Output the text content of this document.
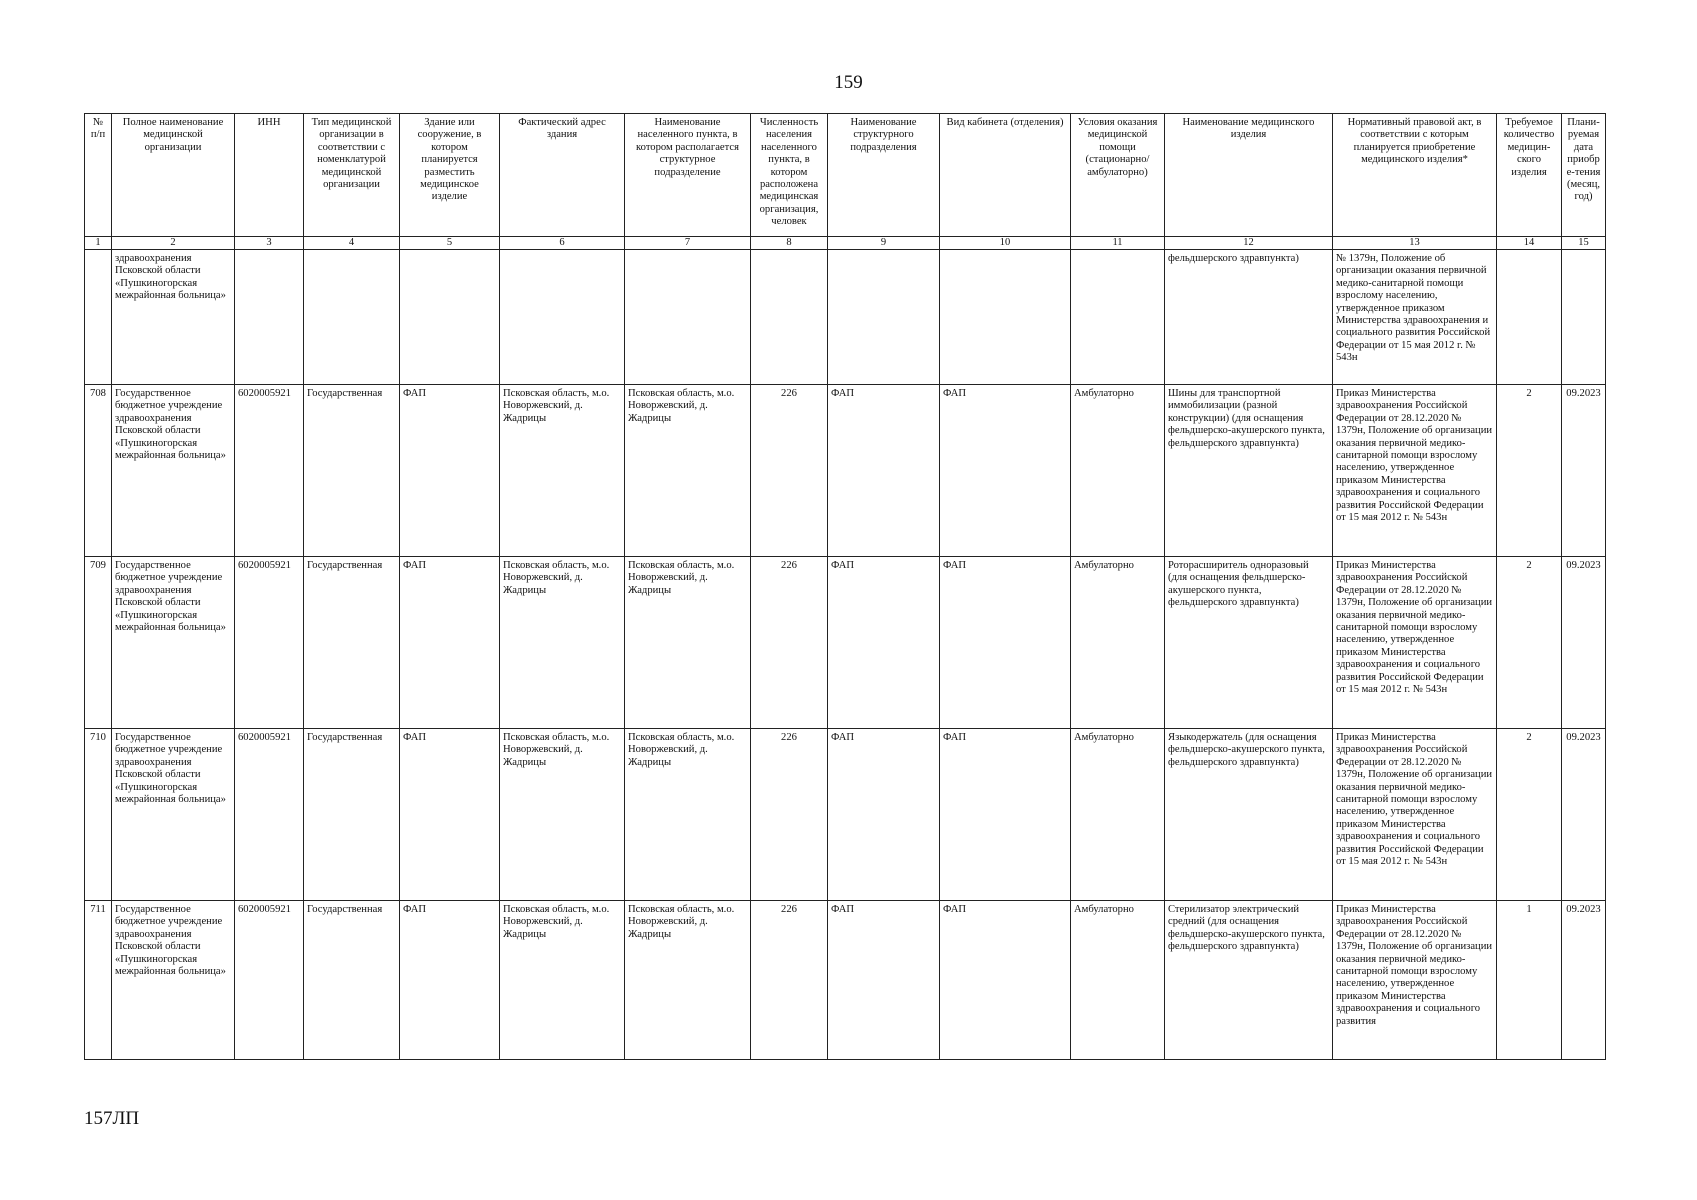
159
№ п/п	Полное наименование медицинской организации	ИНН	Тип медицинской организации в соответствии с номенклатурой медицинской организации	Здание или сооружение, в котором планируется разместить медицинское изделие	Фактический адрес здания	Наименование населенного пункта, в котором располагается структурное подразделение	Численность населения населенного пункта, в котором расположена медицинская организация, человек	Наименование структурного подразделения	Вид кабинета (отделения)	Условия оказания медицинской помощи (стационарно/ амбулаторно)	Наименование медицинского изделия	Нормативный правовой акт, в соответствии с которым планируется приобретение медицинского изделия*	Требуемое количество медицин-ского изделия	Плани-руемая дата приобре-тения (месяц, год)
1	2	3	4	5	6	7	8	9	10	11	12	13	14	15
	здравоохранения Псковской области «Пушкиногорская межрайонная больница»										фельдшерского здравпункта)	№ 1379н, Положение об организации оказания первичной медико-санитарной помощи взрослому населению, утвержденное приказом Министерства здравоохранения и социального развития Российской Федерации от 15 мая 2012 г. № 543н		
708	Государственное бюджетное учреждение здравоохранения Псковской области «Пушкиногорская межрайонная больница»	6020005921	Государственная	ФАП	Псковская область, м.о. Новоржевский, д. Жадрицы	Псковская область, м.о. Новоржевский, д. Жадрицы	226	ФАП	ФАП	Амбулаторно	Шины для транспортной иммобилизации (разной конструкции) (для оснащения фельдшерско-акушерского пункта, фельдшерского здравпункта)	Приказ Министерства здравоохранения Российской Федерации от 28.12.2020 № 1379н, Положение об организации оказания первичной медико-санитарной помощи взрослому населению, утвержденное приказом Министерства здравоохранения и социального развития Российской Федерации от 15 мая 2012 г. № 543н	2	09.2023
709	Государственное бюджетное учреждение здравоохранения Псковской области «Пушкиногорская межрайонная больница»	6020005921	Государственная	ФАП	Псковская область, м.о. Новоржевский, д. Жадрицы	Псковская область, м.о. Новоржевский, д. Жадрицы	226	ФАП	ФАП	Амбулаторно	Роторасширитель одноразовый (для оснащения фельдшерско-акушерского пункта, фельдшерского здравпункта)	Приказ Министерства здравоохранения Российской Федерации от 28.12.2020 № 1379н, Положение об организации оказания первичной медико-санитарной помощи взрослому населению, утвержденное приказом Министерства здравоохранения и социального развития Российской Федерации от 15 мая 2012 г. № 543н	2	09.2023
710	Государственное бюджетное учреждение здравоохранения Псковской области «Пушкиногорская межрайонная больница»	6020005921	Государственная	ФАП	Псковская область, м.о. Новоржевский, д. Жадрицы	Псковская область, м.о. Новоржевский, д. Жадрицы	226	ФАП	ФАП	Амбулаторно	Языкодержатель (для оснащения фельдшерско-акушерского пункта, фельдшерского здравпункта)	Приказ Министерства здравоохранения Российской Федерации от 28.12.2020 № 1379н, Положение об организации оказания первичной медико-санитарной помощи взрослому населению, утвержденное приказом Министерства здравоохранения и социального развития Российской Федерации от 15 мая 2012 г. № 543н	2	09.2023
711	Государственное бюджетное учреждение здравоохранения Псковской области «Пушкиногорская межрайонная больница»	6020005921	Государственная	ФАП	Псковская область, м.о. Новоржевский, д. Жадрицы	Псковская область, м.о. Новоржевский, д. Жадрицы	226	ФАП	ФАП	Амбулаторно	Стерилизатор электрический средний (для оснащения фельдшерско-акушерского пункта, фельдшерского здравпункта)	Приказ Министерства здравоохранения Российской Федерации от 28.12.2020 № 1379н, Положение об организации оказания первичной медико-санитарной помощи взрослому населению, утвержденное приказом Министерства здравоохранения и социального развития	1	09.2023
157ЛП
